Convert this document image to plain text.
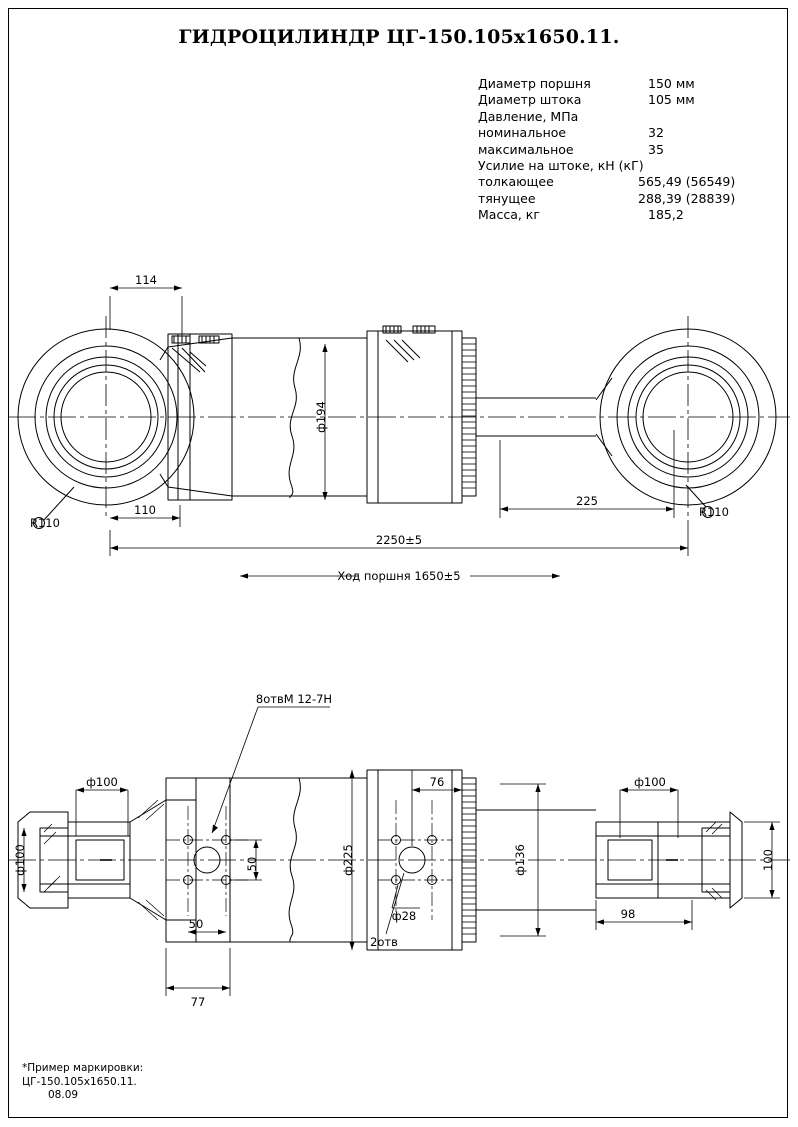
ГИДРОЦИЛИНДР ЦГ-150.105х1650.11.
Диаметр поршня	150 мм
Диаметр штока	105 мм
Давление, МПа
номинальное	32
максимальное	35
Усилие на штоке, кН (кГ)
толкающее	565,49 (56549)
тянущее	288,39 (28839)
Масса, кг	185,2
114
110
225
2250±5
Ход поршня 1650±5
ф194
R110
R110
8отвM 12-7H
ф100
ф100	50
50
77
ф225
76
ф28
2отв
ф136
ф100
98
100
*Пример маркировки:
ЦГ-150.105х1650.11.
08.09
